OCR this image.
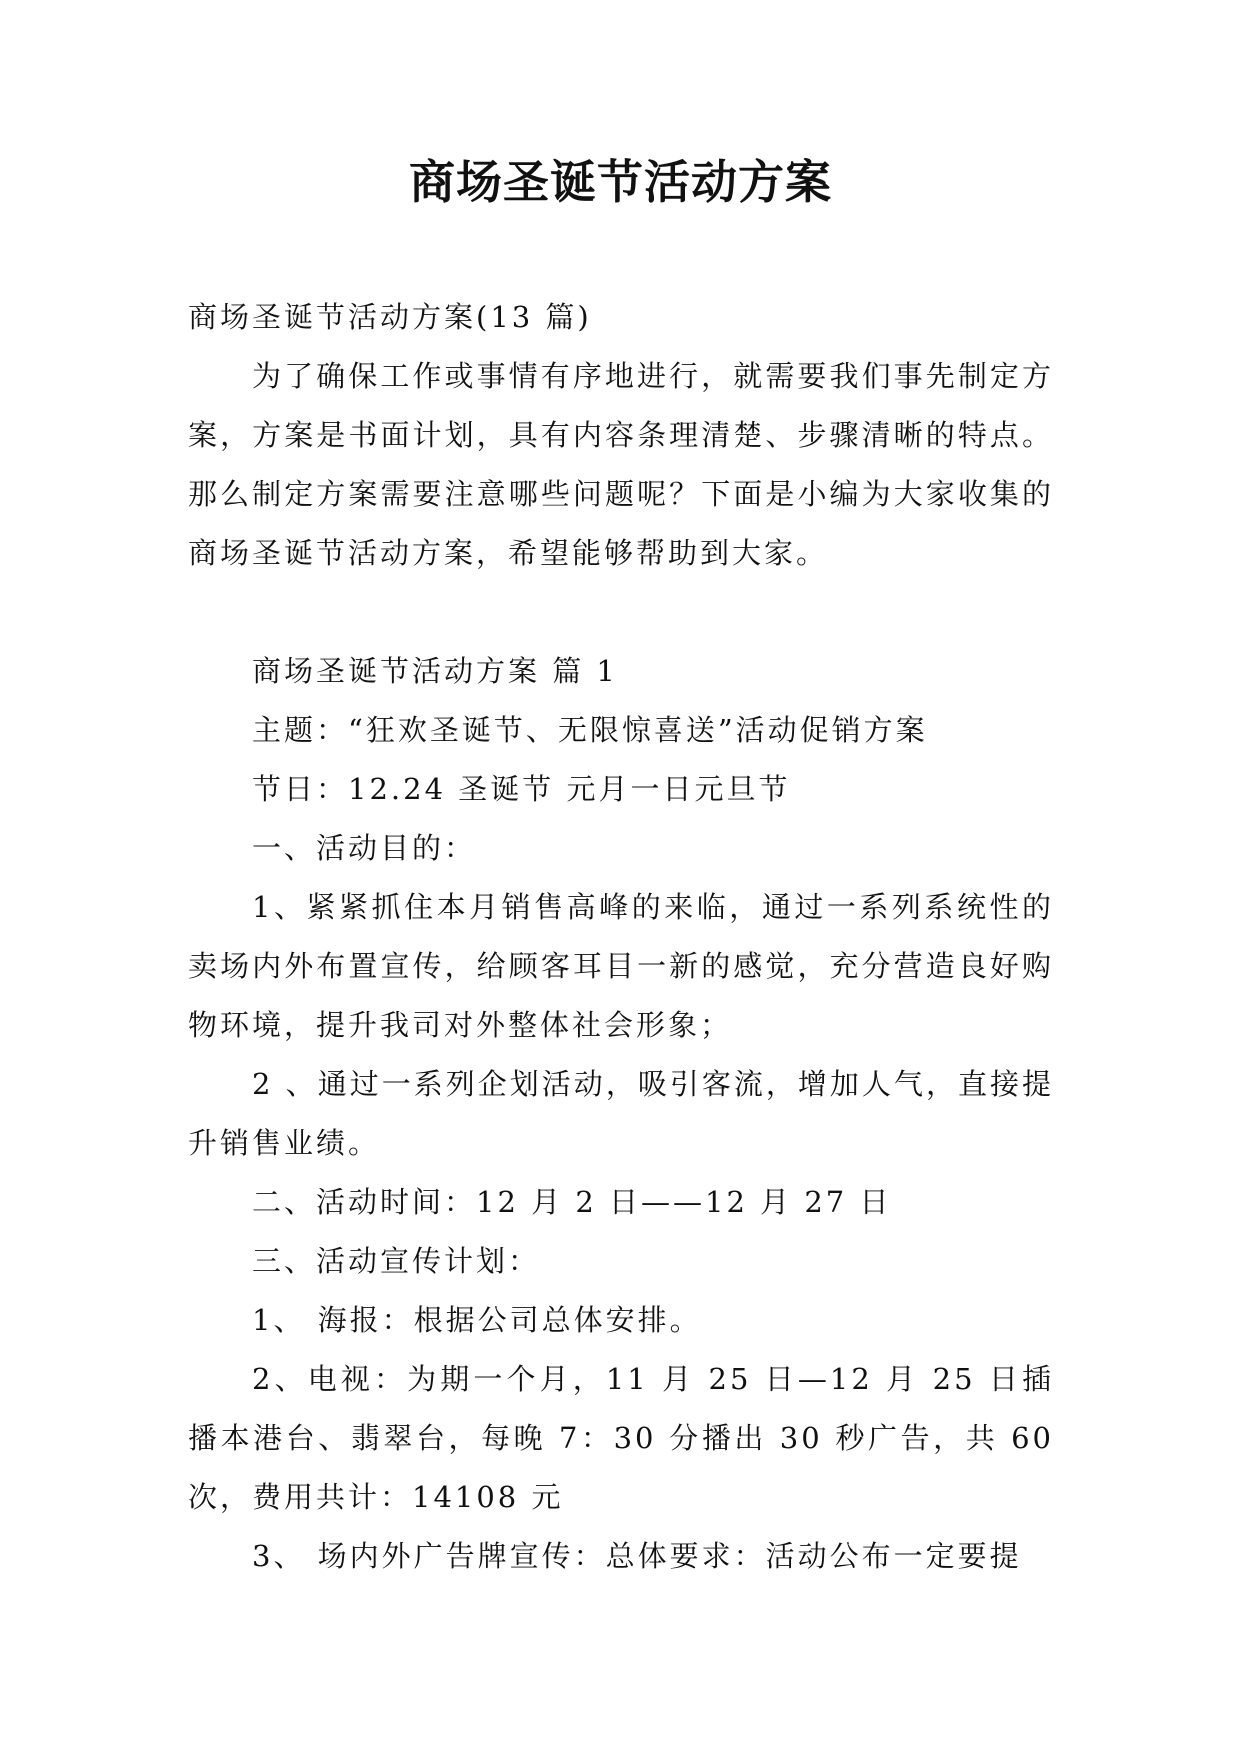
商场圣诞节活动方案

商场圣诞节活动方案(13 篇)

为了确保工作或事情有序地进行，就需要我们事先制定方案，方案是书面计划，具有内容条理清楚、步骤清晰的特点。那么制定方案需要注意哪些问题呢？下面是小编为大家收集的商场圣诞节活动方案，希望能够帮助到大家。

商场圣诞节活动方案 篇 1

主题：“狂欢圣诞节、无限惊喜送”活动促销方案

节日：12.24 圣诞节 元月一日元旦节

一、活动目的：

1、紧紧抓住本月销售高峰的来临，通过一系列系统性的卖场内外布置宣传，给顾客耳目一新的感觉，充分营造良好购物环境，提升我司对外整体社会形象；

2 、通过一系列企划活动，吸引客流，增加人气，直接提升销售业绩。

二、活动时间：12 月 2 日——12 月 27 日

三、活动宣传计划：

1、 海报：根据公司总体安排。

2、电视：为期一个月，11 月 25 日—12 月 25 日插播本港台、翡翠台，每晚 7：30 分播出 30 秒广告，共 60 次，费用共计：14108 元

3、 场内外广告牌宣传：总体要求：活动公布一定要提
